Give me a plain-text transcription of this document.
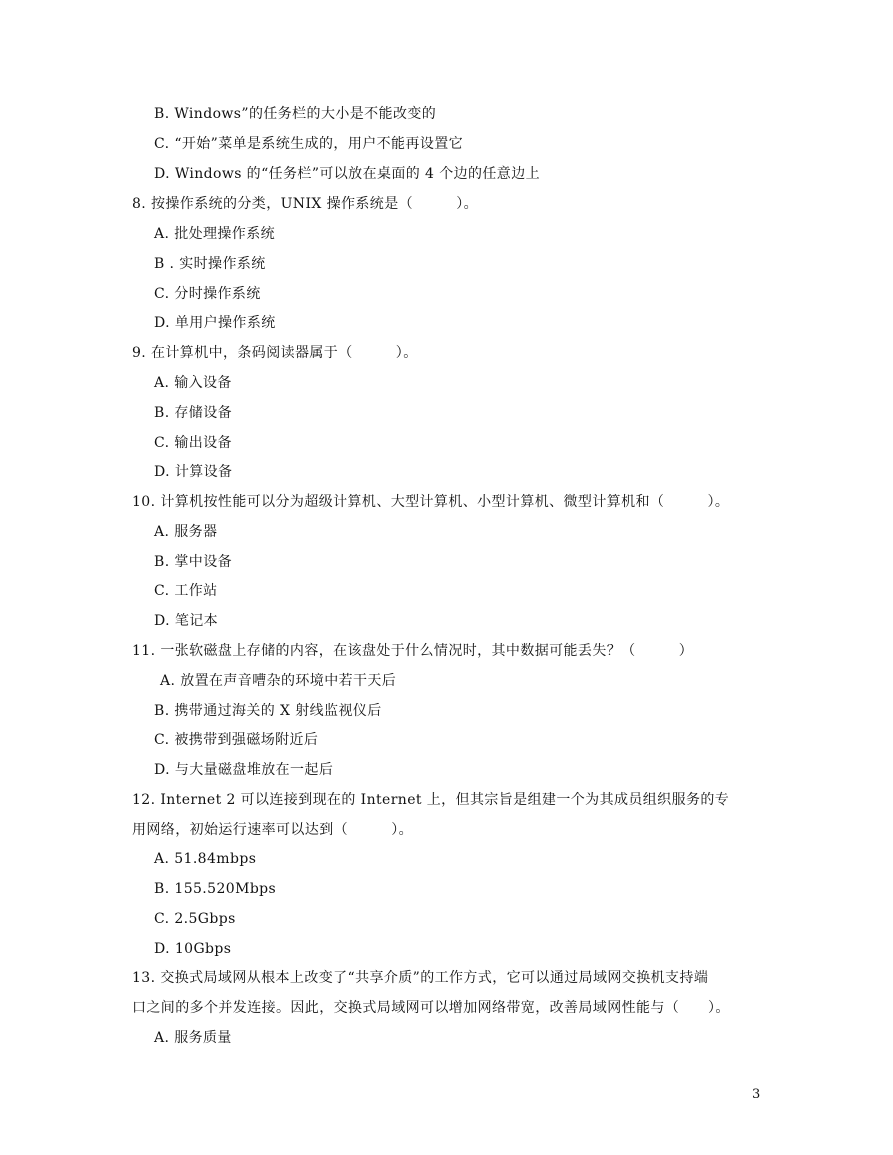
B. Windows”的任务栏的大小是不能改变的
C. “开始”菜单是系统生成的，用户不能再设置它
D. Windows 的“任务栏”可以放在桌面的 4 个边的任意边上
8. 按操作系统的分类，UNIX 操作系统是（　　　）。
A. 批处理操作系统
B . 实时操作系统
C. 分时操作系统
D. 单用户操作系统
9. 在计算机中，条码阅读器属于（　　　）。
A. 输入设备
B. 存储设备
C. 输出设备
D. 计算设备
10. 计算机按性能可以分为超级计算机、大型计算机、小型计算机、微型计算机和（　　　）。
A. 服务器
B. 掌中设备
C. 工作站
D. 笔记本
11. 一张软磁盘上存储的内容，在该盘处于什么情况时，其中数据可能丢失？（　　　）
A. 放置在声音嘈杂的环境中若干天后
B. 携带通过海关的 X 射线监视仪后
C. 被携带到强磁场附近后
D. 与大量磁盘堆放在一起后
12. Internet 2 可以连接到现在的 Internet 上，但其宗旨是组建一个为其成员组织服务的专
用网络，初始运行速率可以达到（　　　）。
A. 51.84mbps
B. 155.520Mbps
C. 2.5Gbps
D. 10Gbps
13. 交换式局域网从根本上改变了“共享介质”的工作方式，它可以通过局域网交换机支持端
口之间的多个并发连接。因此，交换式局域网可以增加网络带宽，改善局域网性能与（　　）。
A. 服务质量
3
